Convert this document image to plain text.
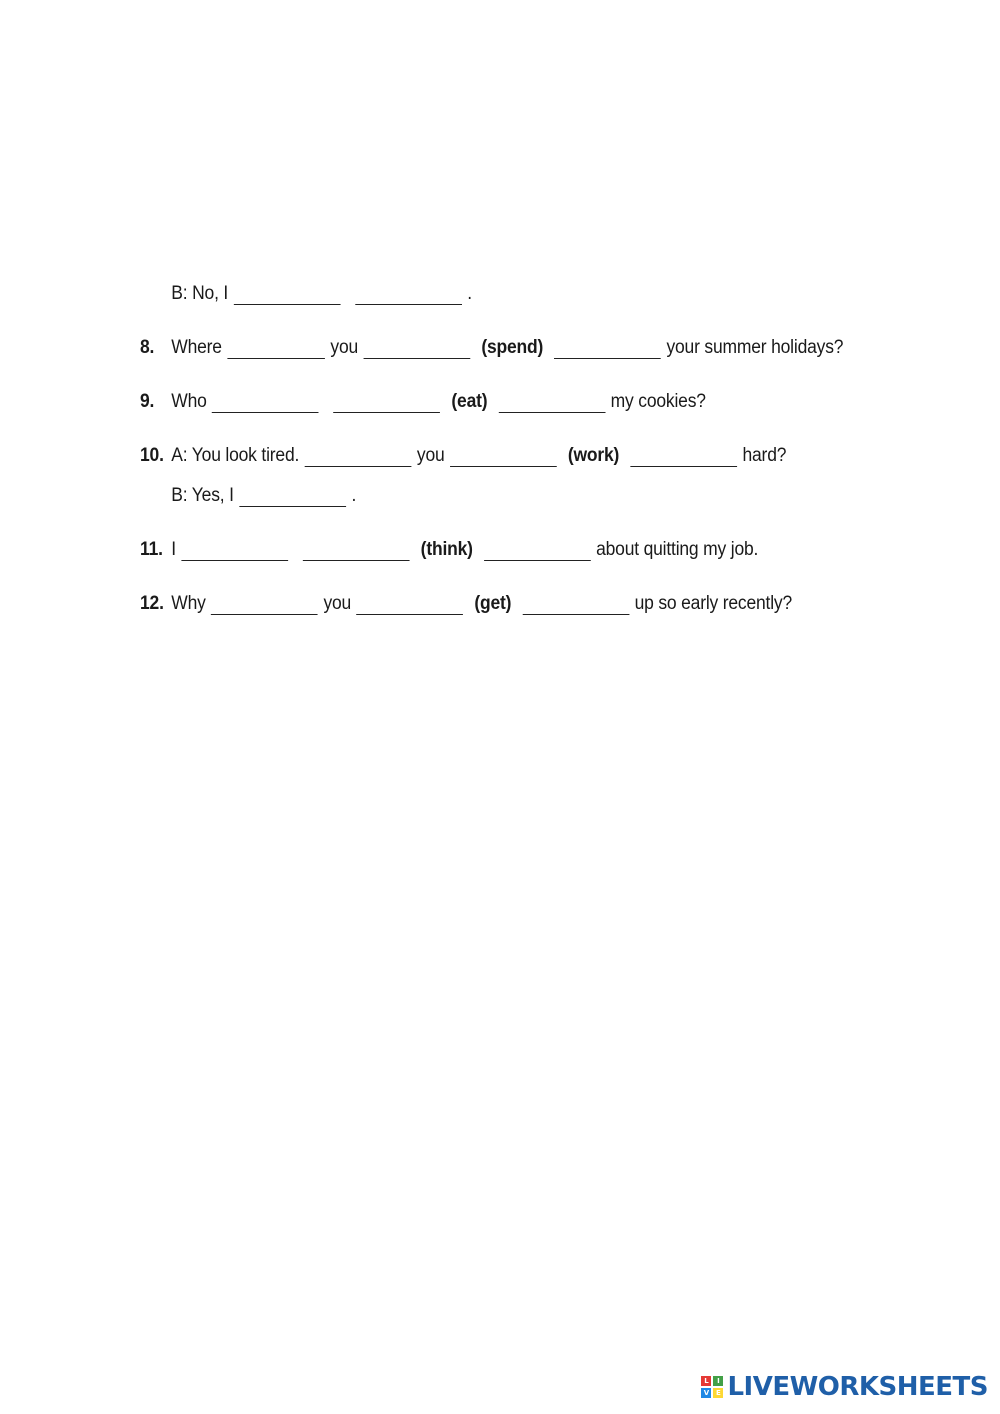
B: No, I	.
8. Where	you	(spend)	your summer holidays?
9. Who	(eat)	my cookies?
10. A: You look tired.	you	(work)	hard?
B: Yes, I	.
11. I	(think)	about quitting my job.
12. Why	you	(get)	up so early recently?
L	I
V E LIVEWORKSHEETS
